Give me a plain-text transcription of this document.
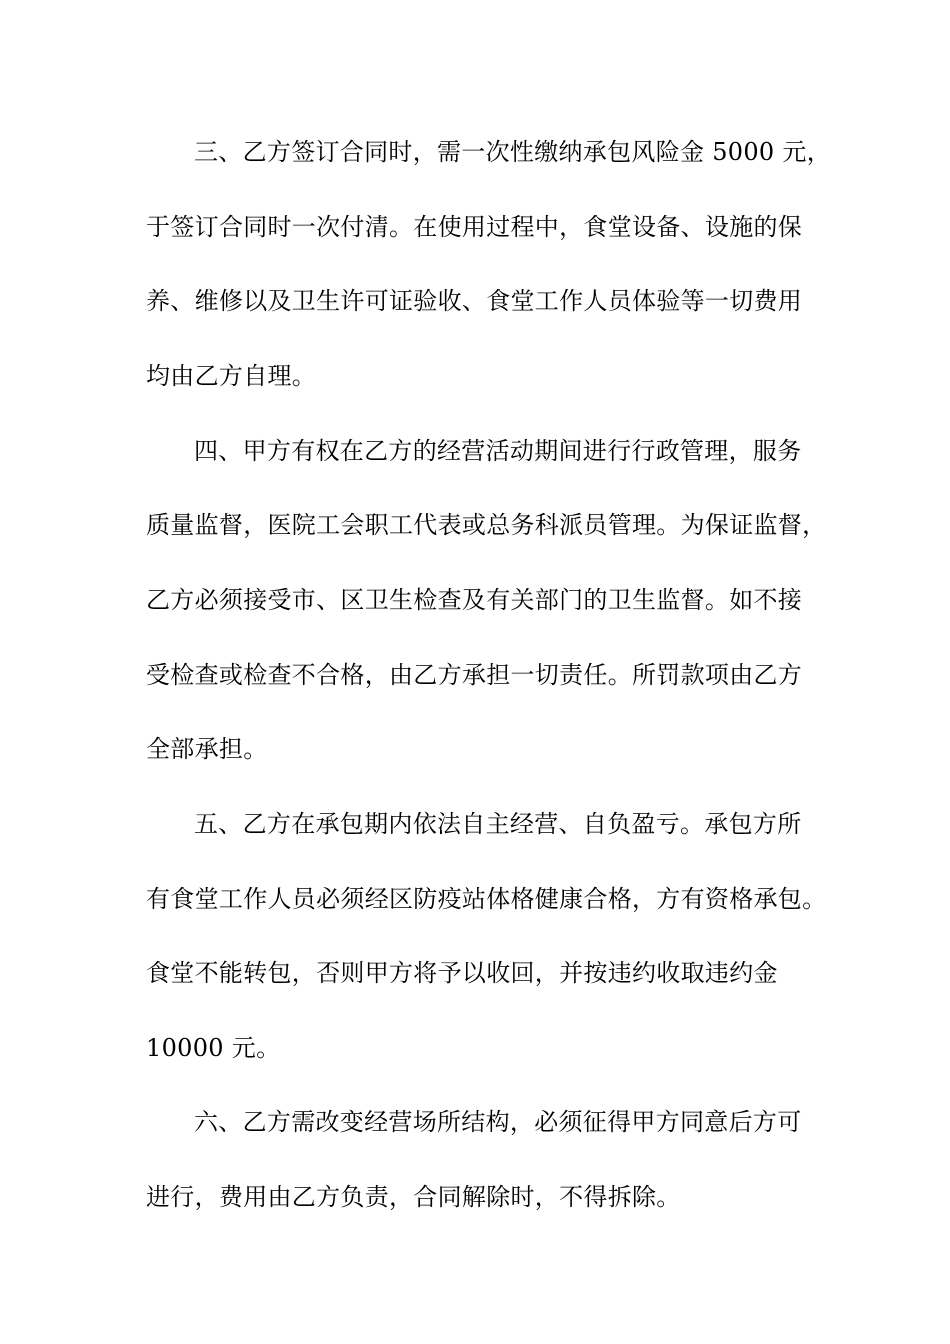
三、乙方签订合同时，需一次性缴纳承包风险金 5000 元，
于签订合同时一次付清。在使用过程中，食堂设备、设施的保
养、维修以及卫生许可证验收、食堂工作人员体验等一切费用
均由乙方自理。
四、甲方有权在乙方的经营活动期间进行行政管理，服务
质量监督，医院工会职工代表或总务科派员管理。为保证监督，
乙方必须接受市、区卫生检查及有关部门的卫生监督。如不接
受检查或检查不合格，由乙方承担一切责任。所罚款项由乙方
全部承担。
五、乙方在承包期内依法自主经营、自负盈亏。承包方所
有食堂工作人员必须经区防疫站体格健康合格，方有资格承包。
食堂不能转包，否则甲方将予以收回，并按违约收取违约金
10000 元。
六、乙方需改变经营场所结构，必须征得甲方同意后方可
进行，费用由乙方负责，合同解除时，不得拆除。
